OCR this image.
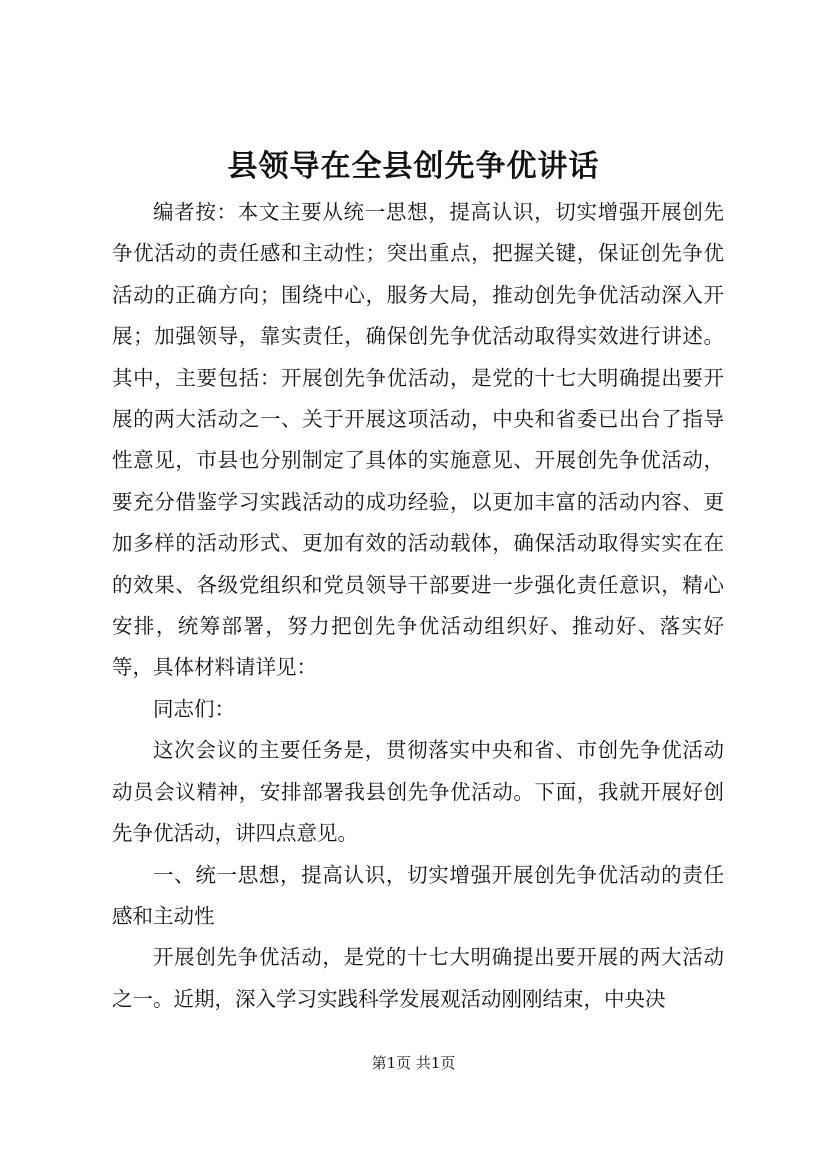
县领导在全县创先争优讲话

编者按：本文主要从统一思想，提高认识，切实增强开展创先争优活动的责任感和主动性；突出重点，把握关键，保证创先争优活动的正确方向；围绕中心，服务大局，推动创先争优活动深入开展；加强领导，靠实责任，确保创先争优活动取得实效进行讲述。其中，主要包括：开展创先争优活动，是党的十七大明确提出要开展的两大活动之一、关于开展这项活动，中央和省委已出台了指导性意见，市县也分别制定了具体的实施意见、开展创先争优活动，要充分借鉴学习实践活动的成功经验，以更加丰富的活动内容、更加多样的活动形式、更加有效的活动载体，确保活动取得实实在在的效果、各级党组织和党员领导干部要进一步强化责任意识，精心安排，统筹部署，努力把创先争优活动组织好、推动好、落实好等，具体材料请详见：

同志们：

这次会议的主要任务是，贯彻落实中央和省、市创先争优活动动员会议精神，安排部署我县创先争优活动。下面，我就开展好创先争优活动，讲四点意见。

一、统一思想，提高认识，切实增强开展创先争优活动的责任感和主动性

开展创先争优活动，是党的十七大明确提出要开展的两大活动之一。近期，深入学习实践科学发展观活动刚刚结束，中央决

第1页 共1页
